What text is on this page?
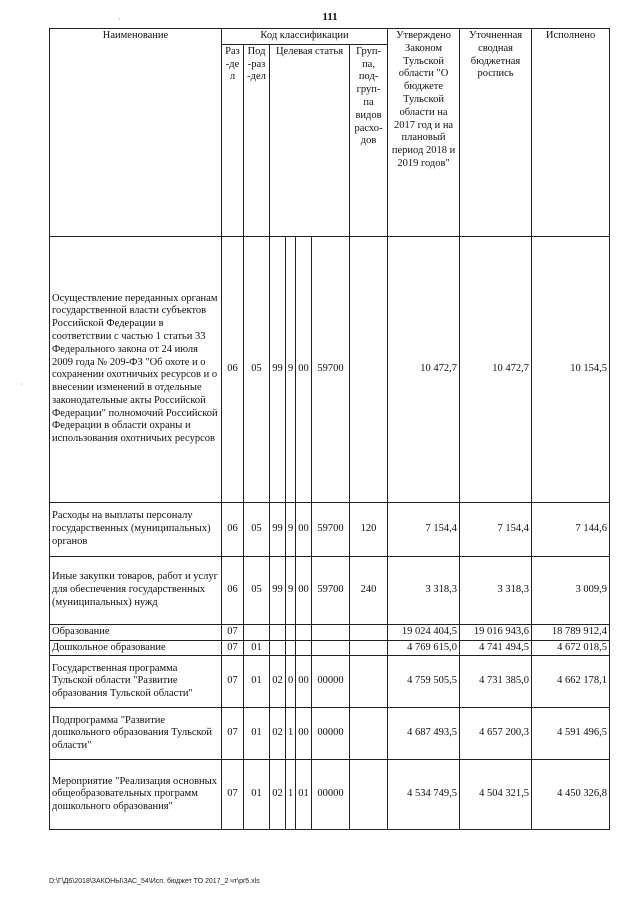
111
·
·
Наименование	Код классификации							Утверждено Законом Тульской области "О бюджете Тульской области на 2017 год и на плановый период 2018 и 2019 годов"	Уточненная сводная бюджетная роспись	Исполнено
	Раз-дел	Под-раз-дел	Целевая статья				Груп-па, под-груп-па видов расхо-дов			
Осуществление переданных органам государственной власти субъектов Российской Федерации в соответствии с частью 1 статьи 33 Федерального закона от 24 июля 2009 года № 209-ФЗ "Об охоте и о сохранении охотничьих ресурсов и о внесении изменений в отдельные законодательные акты Российской Федерации" полномочий Российской Федерации в области охраны и использования охотничьих ресурсов	06	05	99	9	00	59700		10 472,7	10 472,7	10 154,5
Расходы на выплаты персоналу государственных (муниципальных) органов	06	05	99	9	00	59700	120	7 154,4	7 154,4	7 144,6
Иные закупки товаров, работ и услуг для обеспечения государственных (муниципальных) нужд	06	05	99	9	00	59700	240	3 318,3	3 318,3	3 009,9
Образование	07							19 024 404,5	19 016 943,6	18 789 912,4
Дошкольное образование	07	01						4 769 615,0	4 741 494,5	4 672 018,5
Государственная программа Тульской области "Развитие образования Тульской области"	07	01	02	0	00	00000		4 759 505,5	4 731 385,0	4 662 178,1
Подпрограмма "Развитие дошкольного образования Тульской области"	07	01	02	1	00	00000		4 687 493,5	4 657 200,3	4 591 496,5
Мероприятие "Реализация основных общеобразовательных программ дошкольного образования"	07	01	02	1	01	00000		4 534 749,5	4 504 321,5	4 450 326,8
D:\Г\Д6\2018\ЗАКОНЫ\ЗАС_54\Исп. бюджет ТО 2017_2 чт\pr5.xls
